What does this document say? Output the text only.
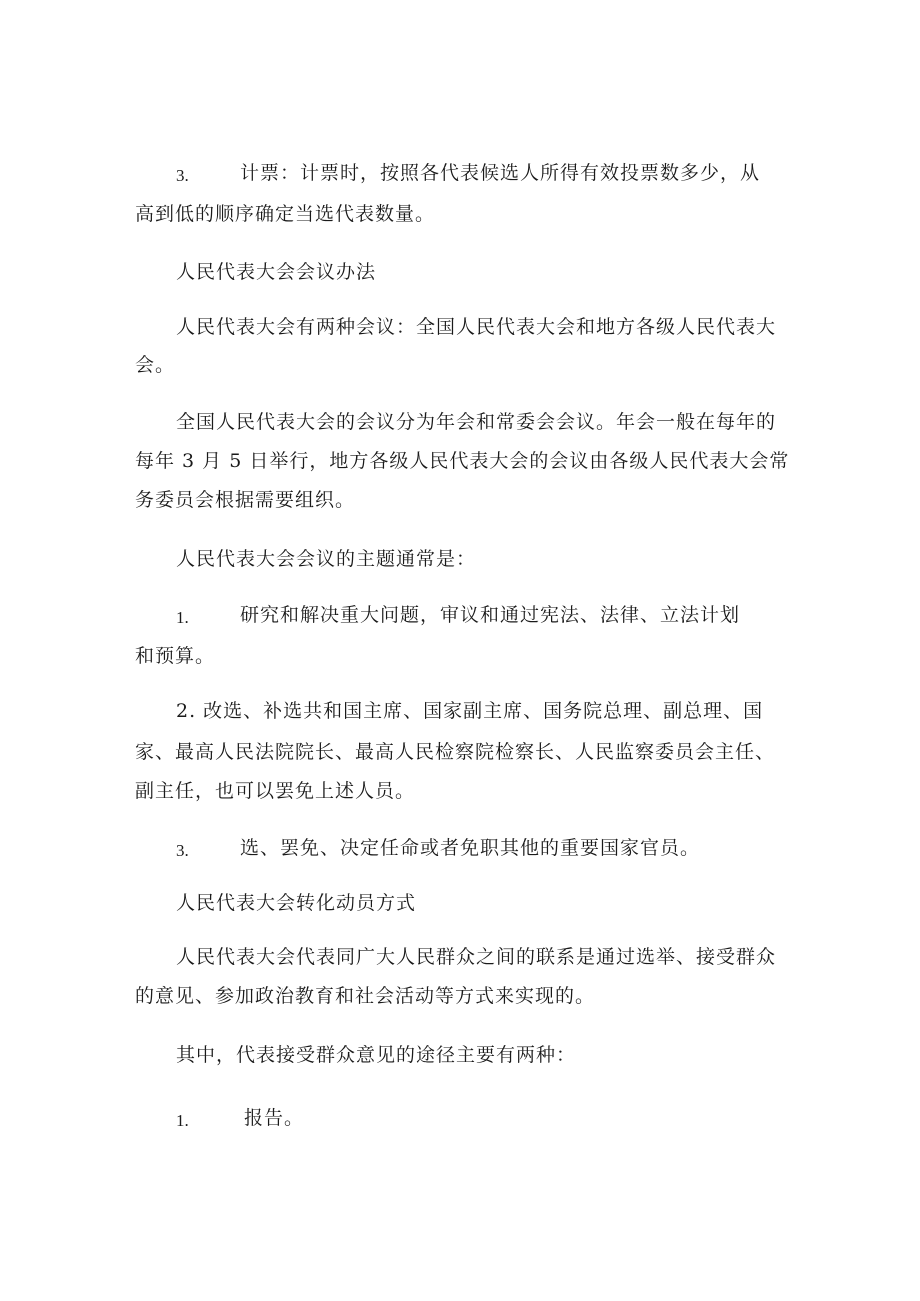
3.	计票：计票时，按照各代表候选人所得有效投票数多少，从
高到低的顺序确定当选代表数量。
人民代表大会会议办法
人民代表大会有两种会议：全国人民代表大会和地方各级人民代表大
会。
全国人民代表大会的会议分为年会和常委会会议。年会一般在每年的
每年 3 月 5 日举行，地方各级人民代表大会的会议由各级人民代表大会常
务委员会根据需要组织。
人民代表大会会议的主题通常是：
1.	研究和解决重大问题，审议和通过宪法、法律、立法计划
和预算。
2. 改选、补选共和国主席、国家副主席、国务院总理、副总理、国
家、最高人民法院院长、最高人民检察院检察长、人民监察委员会主任、
副主任，也可以罢免上述人员。
3.	选、罢免、决定任命或者免职其他的重要国家官员。
人民代表大会转化动员方式
人民代表大会代表同广大人民群众之间的联系是通过选举、接受群众
的意见、参加政治教育和社会活动等方式来实现的。
其中，代表接受群众意见的途径主要有两种：
1.	报告。
